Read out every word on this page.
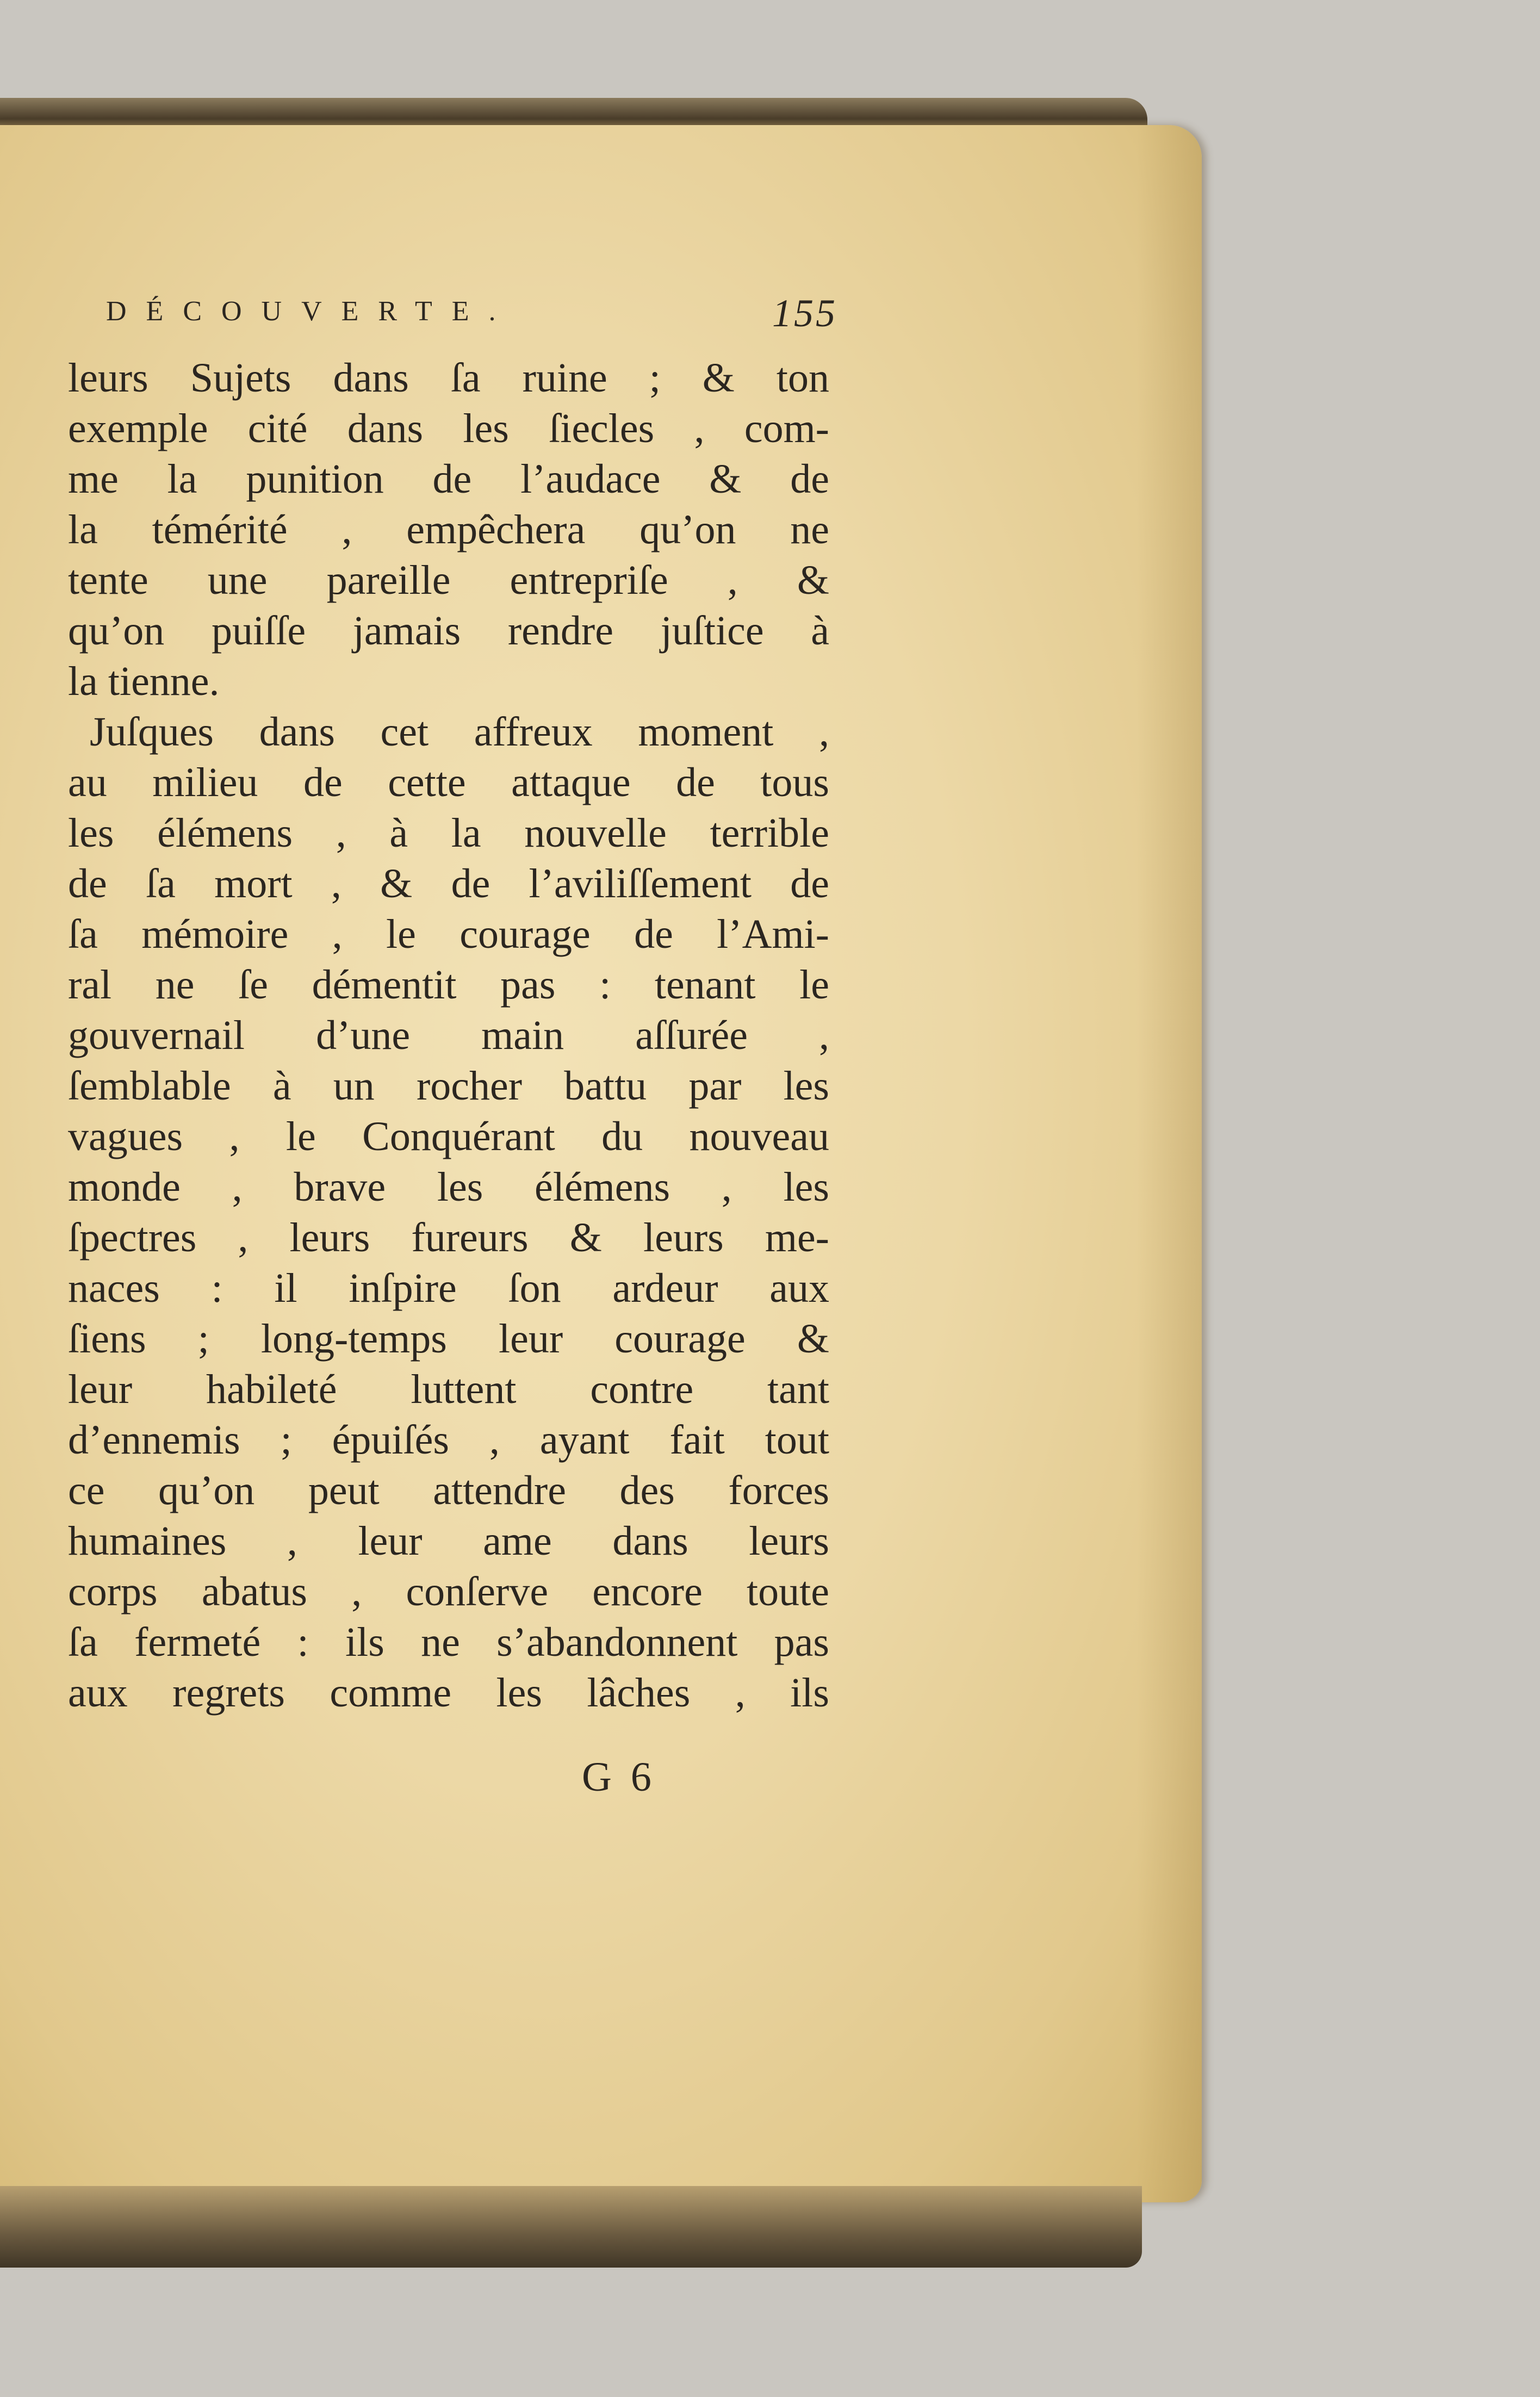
DÉCOUVERTE.	155
leurs Sujets dans ſa ruine ; & ton
exemple cité dans les ſiecles , com-
me la punition de l’audace & de
la témérité , empêchera qu’on ne
tente une pareille entrepriſe , &
qu’on puiſſe jamais rendre juſtice à
la tienne.
Juſques dans cet affreux moment ,
au milieu de cette attaque de tous
les élémens , à la nouvelle terrible
de ſa mort , & de l’aviliſſement de
ſa mémoire , le courage de l’Ami-
ral ne ſe démentit pas : tenant le
gouvernail d’une main aſſurée ,
ſemblable à un rocher battu par les
vagues , le Conquérant du nouveau
monde , brave les élémens , les
ſpectres , leurs fureurs & leurs me-
naces : il inſpire ſon ardeur aux
ſiens ; long-temps leur courage &
leur habileté luttent contre tant
d’ennemis ; épuiſés , ayant fait tout
ce qu’on peut attendre des forces
humaines , leur ame dans leurs
corps abatus , conſerve encore toute
ſa fermeté : ils ne s’abandonnent pas
aux regrets comme les lâches , ils
G 6
